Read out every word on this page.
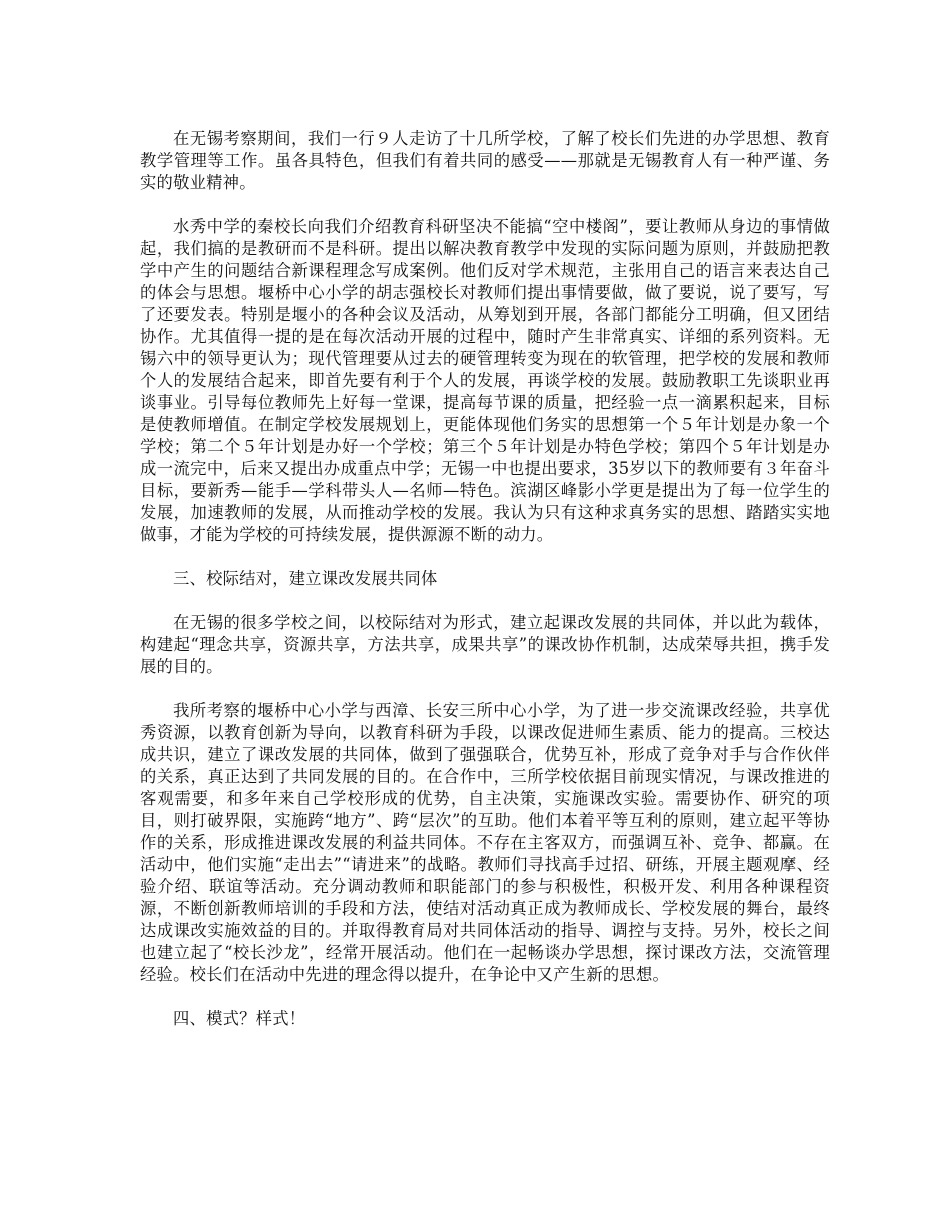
在无锡考察期间，我们一行９人走访了十几所学校，了解了校长们先进的办学思想、教育教学管理等工作。虽各具特色，但我们有着共同的感受——那就是无锡教育人有一种严谨、务实的敬业精神。

水秀中学的秦校长向我们介绍教育科研坚决不能搞“空中楼阁”，要让教师从身边的事情做起，我们搞的是教研而不是科研。提出以解决教育教学中发现的实际问题为原则，并鼓励把教学中产生的问题结合新课程理念写成案例。他们反对学术规范，主张用自己的语言来表达自己的体会与思想。堰桥中心小学的胡志强校长对教师们提出事情要做，做了要说，说了要写，写了还要发表。特别是堰小的各种会议及活动，从筹划到开展，各部门都能分工明确，但又团结协作。尤其值得一提的是在每次活动开展的过程中，随时产生非常真实、详细的系列资料。无锡六中的领导更认为；现代管理要从过去的硬管理转变为现在的软管理，把学校的发展和教师个人的发展结合起来，即首先要有利于个人的发展，再谈学校的发展。鼓励教职工先谈职业再谈事业。引导每位教师先上好每一堂课，提高每节课的质量，把经验一点一滴累积起来，目标是使教师增值。在制定学校发展规划上，更能体现他们务实的思想第一个５年计划是办象一个学校；第二个５年计划是办好一个学校；第三个５年计划是办特色学校；第四个５年计划是办成一流完中，后来又提出办成重点中学；无锡一中也提出要求，35岁以下的教师要有３年奋斗目标，要新秀—能手—学科带头人—名师—特色。滨湖区峰影小学更是提出为了每一位学生的发展，加速教师的发展，从而推动学校的发展。我认为只有这种求真务实的思想、踏踏实实地做事，才能为学校的可持续发展，提供源源不断的动力。

三、校际结对，建立课改发展共同体

在无锡的很多学校之间，以校际结对为形式，建立起课改发展的共同体，并以此为载体，构建起“理念共享，资源共享，方法共享，成果共享”的课改协作机制，达成荣辱共担，携手发展的目的。

我所考察的堰桥中心小学与西漳、长安三所中心小学，为了进一步交流课改经验，共享优秀资源，以教育创新为导向，以教育科研为手段，以课改促进师生素质、能力的提高。三校达成共识，建立了课改发展的共同体，做到了强强联合，优势互补，形成了竞争对手与合作伙伴的关系，真正达到了共同发展的目的。在合作中，三所学校依据目前现实情况，与课改推进的客观需要，和多年来自己学校形成的优势，自主决策，实施课改实验。需要协作、研究的项目，则打破界限，实施跨“地方”、跨“层次”的互助。他们本着平等互利的原则，建立起平等协作的关系，形成推进课改发展的利益共同体。不存在主客双方，而强调互补、竞争、都赢。在活动中，他们实施“走出去”“请进来”的战略。教师们寻找高手过招、研练，开展主题观摩、经验介绍、联谊等活动。充分调动教师和职能部门的参与积极性，积极开发、利用各种课程资源，不断创新教师培训的手段和方法，使结对活动真正成为教师成长、学校发展的舞台，最终达成课改实施效益的目的。并取得教育局对共同体活动的指导、调控与支持。另外，校长之间也建立起了“校长沙龙”，经常开展活动。他们在一起畅谈办学思想，探讨课改方法，交流管理经验。校长们在活动中先进的理念得以提升，在争论中又产生新的思想。

四、模式？样式！
